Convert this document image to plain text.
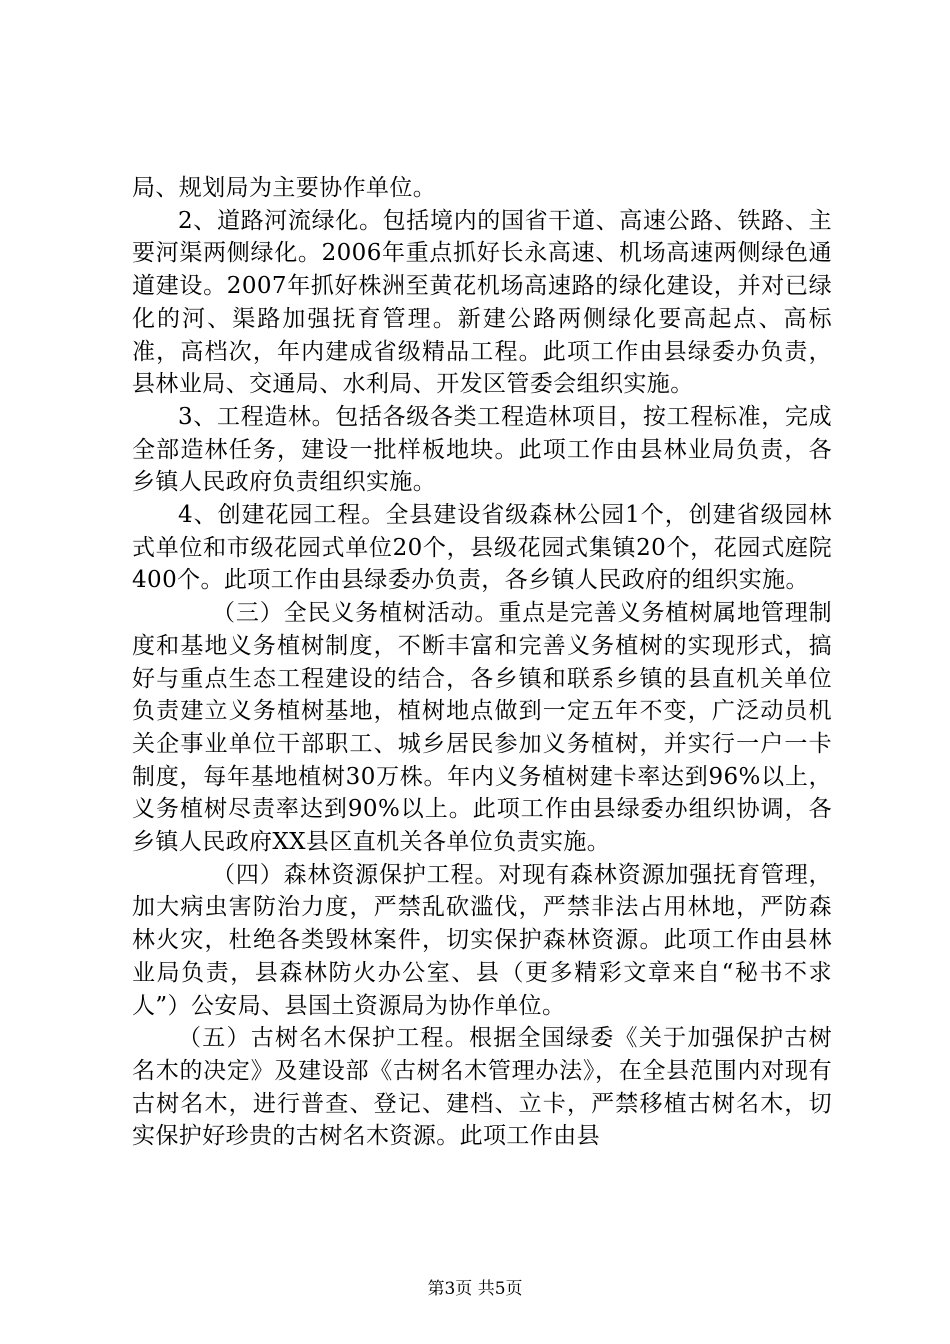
局、规划局为主要协作单位。

2、道路河流绿化。包括境内的国省干道、高速公路、铁路、主要河渠两侧绿化。2006年重点抓好长永高速、机场高速两侧绿色通道建设。2007年抓好株洲至黄花机场高速路的绿化建设，并对已绿化的河、渠路加强抚育管理。新建公路两侧绿化要高起点、高标准，高档次，年内建成省级精品工程。此项工作由县绿委办负责，县林业局、交通局、水利局、开发区管委会组织实施。

3、工程造林。包括各级各类工程造林项目，按工程标准，完成全部造林任务，建设一批样板地块。此项工作由县林业局负责，各乡镇人民政府负责组织实施。

4、创建花园工程。全县建设省级森林公园1个，创建省级园林式单位和市级花园式单位20个，县级花园式集镇20个，花园式庭院400个。此项工作由县绿委办负责，各乡镇人民政府的组织实施。

（三）全民义务植树活动。重点是完善义务植树属地管理制度和基地义务植树制度，不断丰富和完善义务植树的实现形式，搞好与重点生态工程建设的结合，各乡镇和联系乡镇的县直机关单位负责建立义务植树基地，植树地点做到一定五年不变，广泛动员机关企事业单位干部职工、城乡居民参加义务植树，并实行一户一卡制度，每年基地植树30万株。年内义务植树建卡率达到96%以上，义务植树尽责率达到90%以上。此项工作由县绿委办组织协调，各乡镇人民政府XX县区直机关各单位负责实施。

（四）森林资源保护工程。对现有森林资源加强抚育管理，加大病虫害防治力度，严禁乱砍滥伐，严禁非法占用林地，严防森林火灾，杜绝各类毁林案件，切实保护森林资源。此项工作由县林业局负责，县森林防火办公室、县（更多精彩文章来自“秘书不求人”）公安局、县国土资源局为协作单位。

（五）古树名木保护工程。根据全国绿委《关于加强保护古树名木的决定》及建设部《古树名木管理办法》，在全县范围内对现有古树名木，进行普查、登记、建档、立卡，严禁移植古树名木，切实保护好珍贵的古树名木资源。此项工作由县

第3页 共5页
